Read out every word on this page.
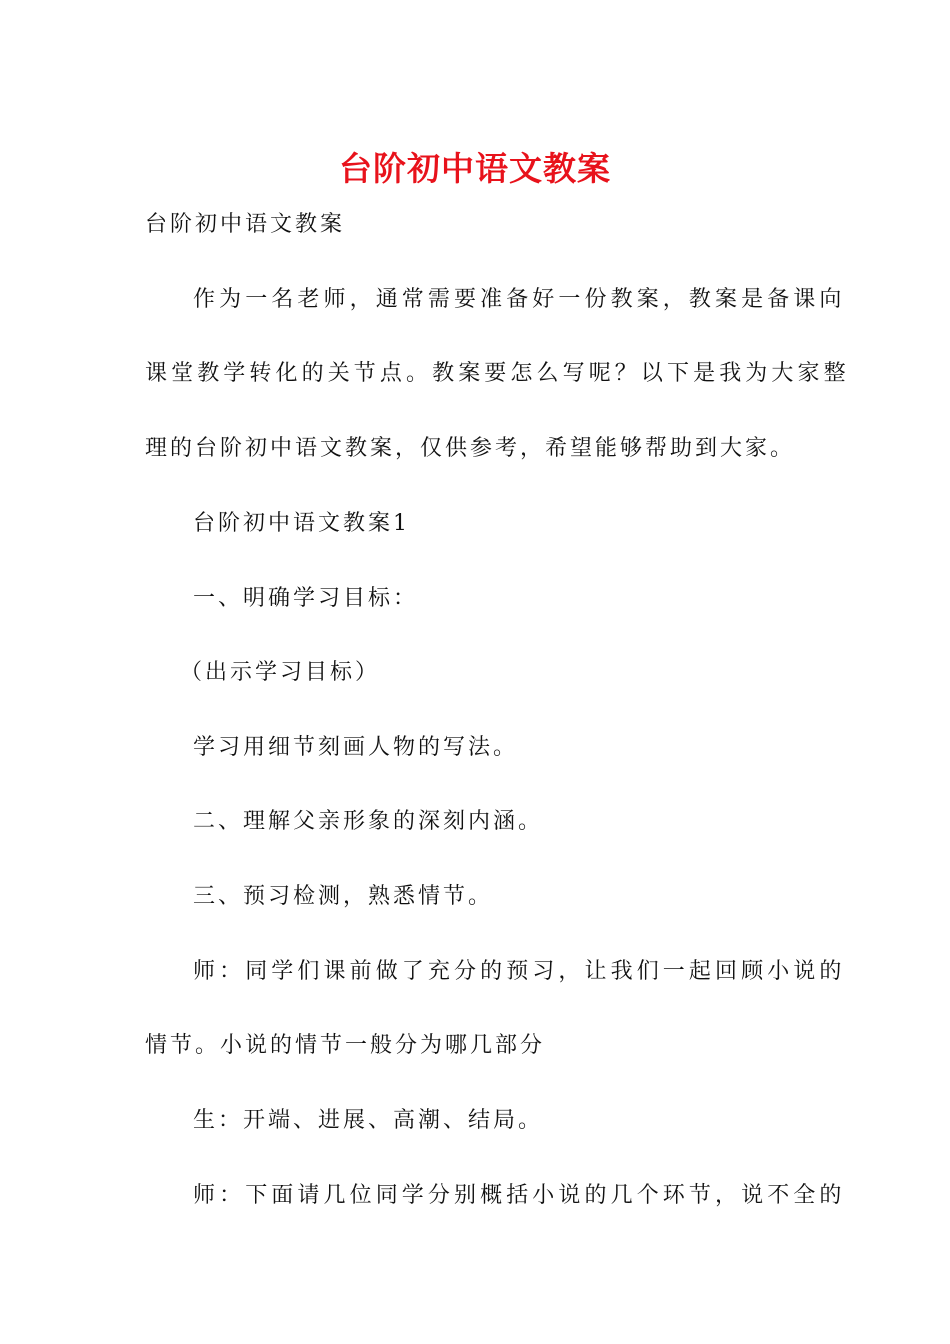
台阶初中语文教案
台阶初中语文教案
作为一名老师，通常需要准备好一份教案，教案是备课向
课堂教学转化的关节点。教案要怎么写呢？以下是我为大家整
理的台阶初中语文教案，仅供参考，希望能够帮助到大家。
台阶初中语文教案1
一、明确学习目标：
（出示学习目标）
学习用细节刻画人物的写法。
二、理解父亲形象的深刻内涵。
三、预习检测，熟悉情节。
师：同学们课前做了充分的预习，让我们一起回顾小说的
情节。小说的情节一般分为哪几部分
生：开端、进展、高潮、结局。
师：下面请几位同学分别概括小说的几个环节，说不全的
